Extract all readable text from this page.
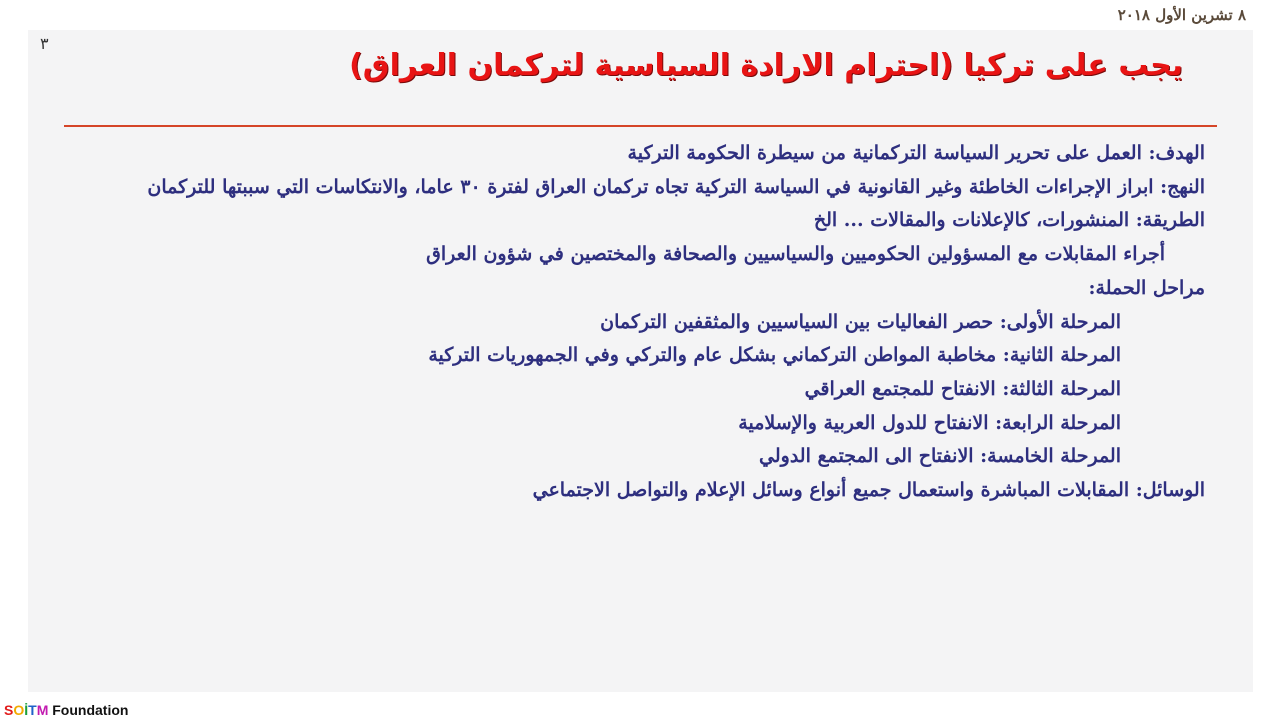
٨ تشرين الأول ٢٠١٨
٣
يجب على تركيا (احترام الارادة السياسية لتركمان العراق)
الهدف: العمل على تحرير السياسة التركمانية من سيطرة الحكومة التركية
النهج: ابراز الإجراءات الخاطئة وغير القانونية في السياسة التركية تجاه تركمان العراق لفترة ٣٠ عاما، والانتكاسات التي سببتها للتركمان
الطريقة: المنشورات، كالإعلانات والمقالات ... الخ
أجراء المقابلات مع المسؤولين الحكوميين والسياسيين والصحافة والمختصين في شؤون العراق
مراحل الحملة:
المرحلة الأولى: حصر الفعاليات بين السياسيين والمثقفين التركمان
المرحلة الثانية: مخاطبة المواطن التركماني بشكل عام والتركي وفي الجمهوريات التركية
المرحلة الثالثة: الانفتاح للمجتمع العراقي
المرحلة الرابعة: الانفتاح للدول العربية والإسلامية
المرحلة الخامسة: الانفتاح الى المجتمع الدولي
الوسائل: المقابلات المباشرة واستعمال جميع أنواع وسائل الإعلام والتواصل الاجتماعي
SOİTM Foundation
